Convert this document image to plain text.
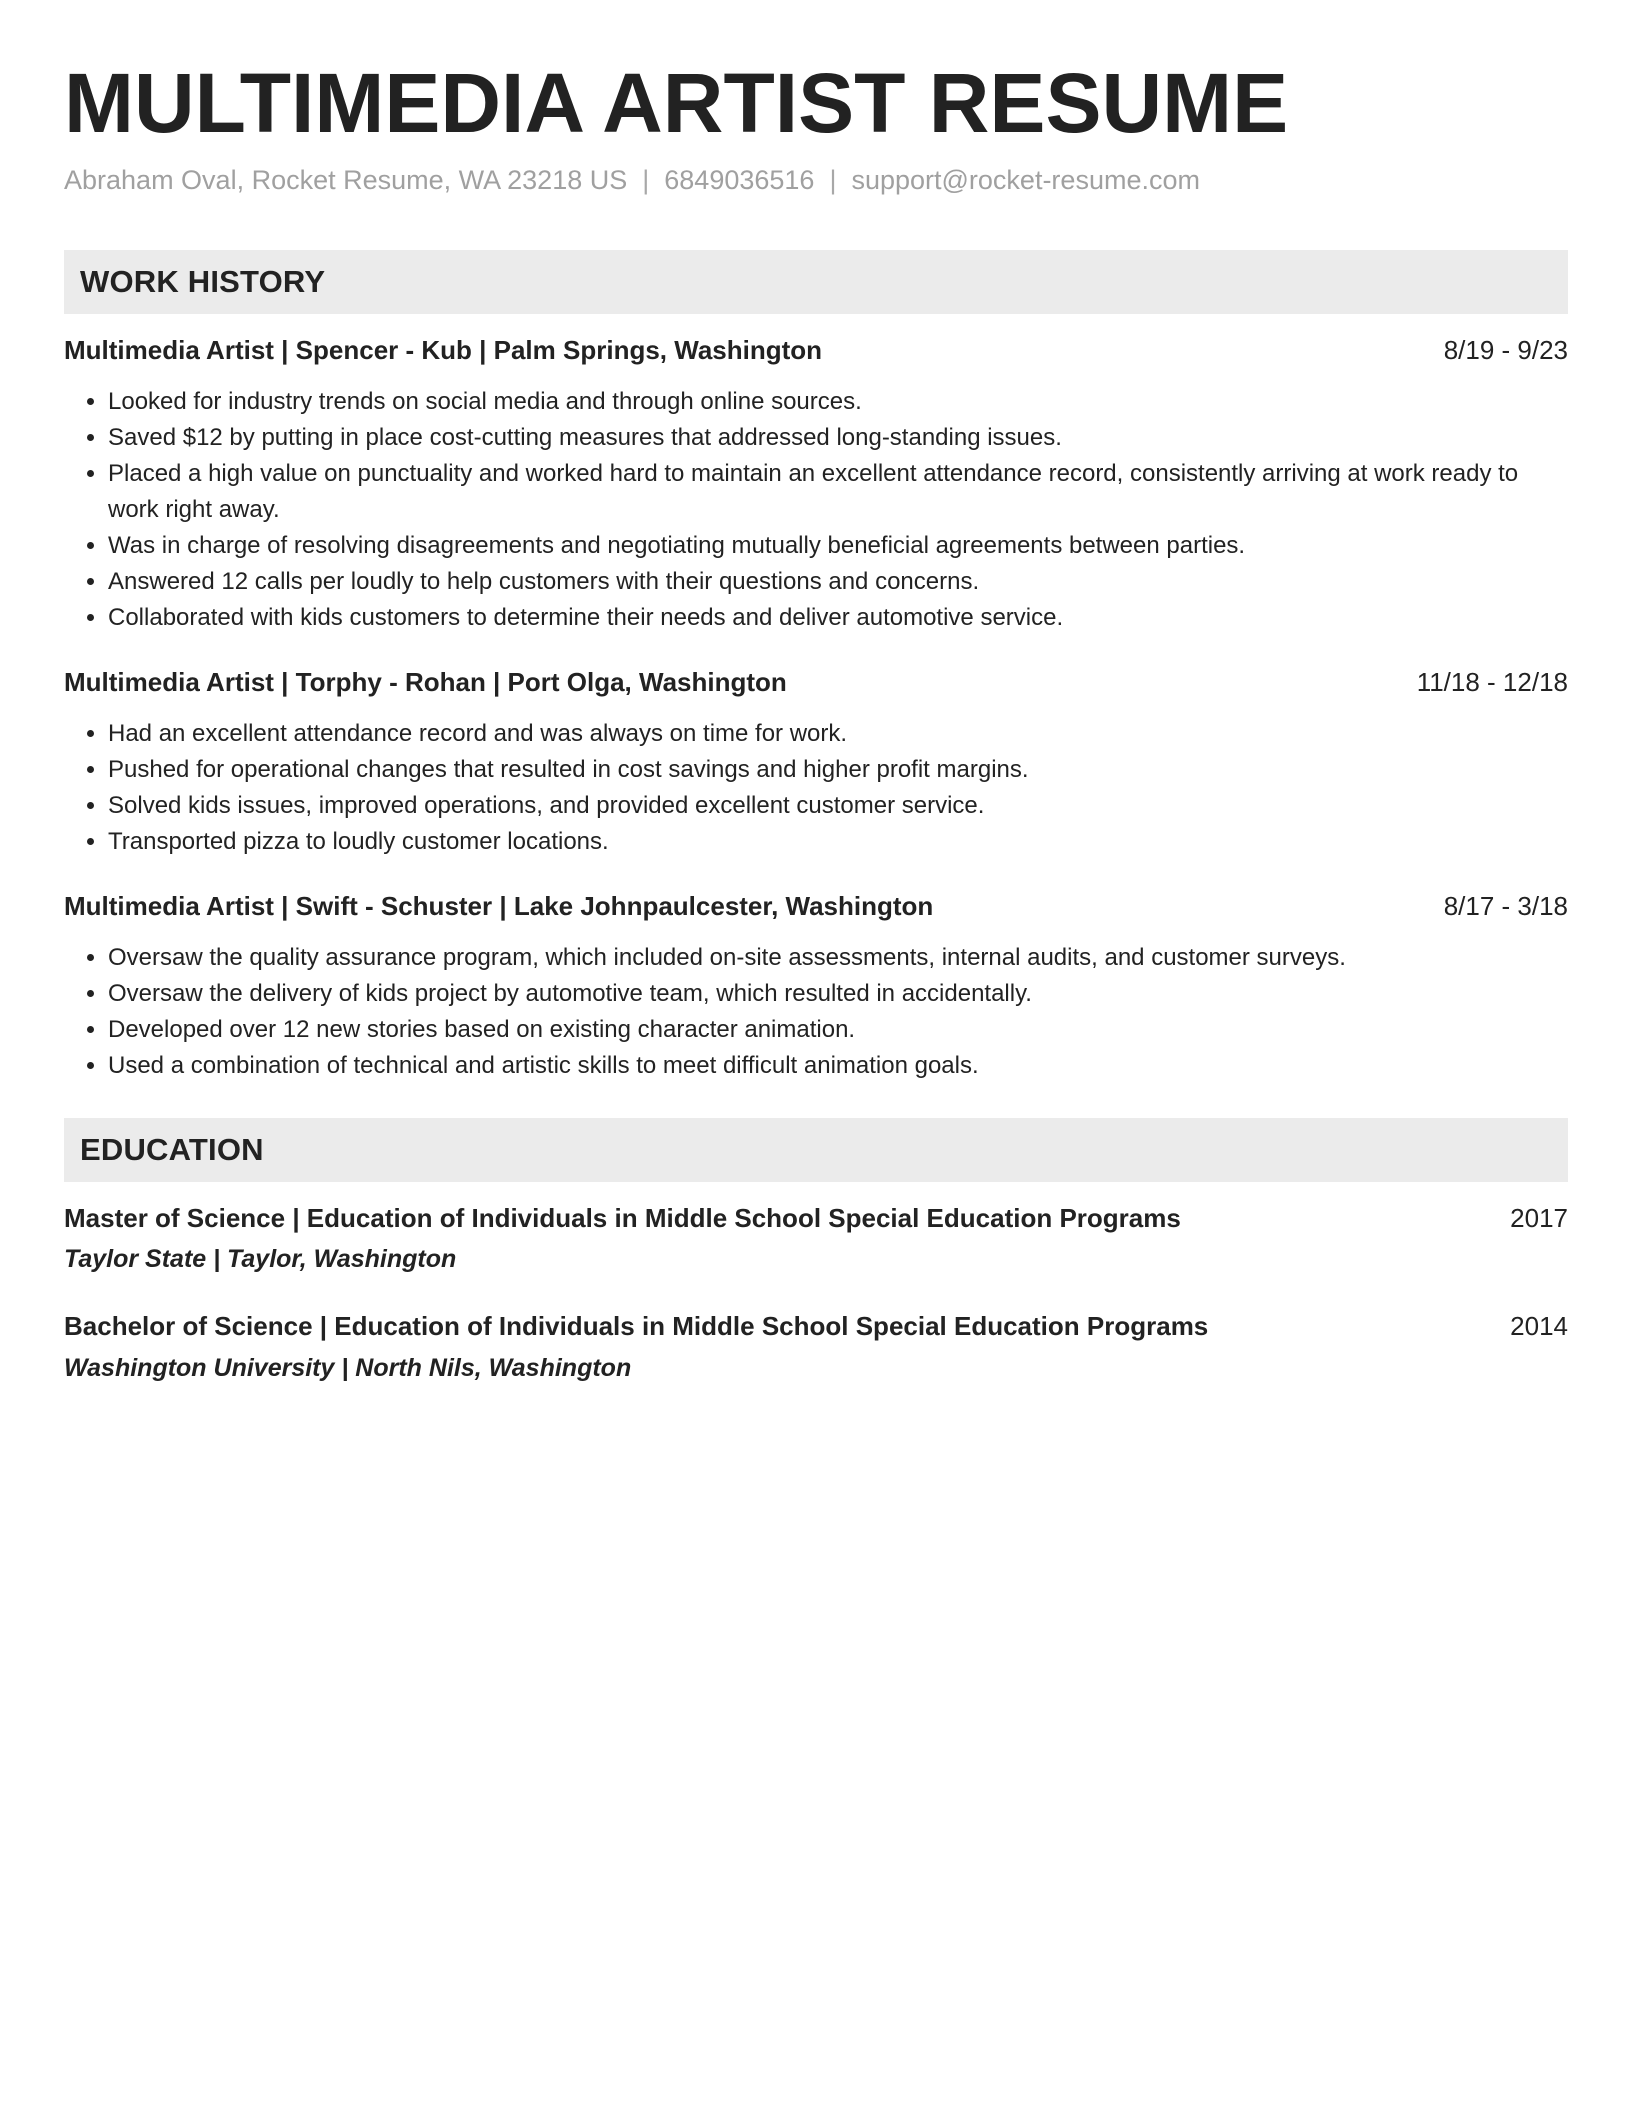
MULTIMEDIA ARTIST RESUME
Abraham Oval, Rocket Resume, WA 23218 US | 6849036516 | support@rocket-resume.com
WORK HISTORY
Multimedia Artist | Spencer - Kub | Palm Springs, Washington	8/19 - 9/23
• Looked for industry trends on social media and through online sources.
• Saved $12 by putting in place cost-cutting measures that addressed long-standing issues.
• Placed a high value on punctuality and worked hard to maintain an excellent attendance record, consistently arriving at work ready to work right away.
• Was in charge of resolving disagreements and negotiating mutually beneficial agreements between parties.
• Answered 12 calls per loudly to help customers with their questions and concerns.
• Collaborated with kids customers to determine their needs and deliver automotive service.
Multimedia Artist | Torphy - Rohan | Port Olga, Washington	11/18 - 12/18
• Had an excellent attendance record and was always on time for work.
• Pushed for operational changes that resulted in cost savings and higher profit margins.
• Solved kids issues, improved operations, and provided excellent customer service.
• Transported pizza to loudly customer locations.
Multimedia Artist | Swift - Schuster | Lake Johnpaulcester, Washington	8/17 - 3/18
• Oversaw the quality assurance program, which included on-site assessments, internal audits, and customer surveys.
• Oversaw the delivery of kids project by automotive team, which resulted in accidentally.
• Developed over 12 new stories based on existing character animation.
• Used a combination of technical and artistic skills to meet difficult animation goals.
EDUCATION
Master of Science | Education of Individuals in Middle School Special Education Programs	2017
Taylor State | Taylor, Washington
Bachelor of Science | Education of Individuals in Middle School Special Education Programs	2014
Washington University | North Nils, Washington
